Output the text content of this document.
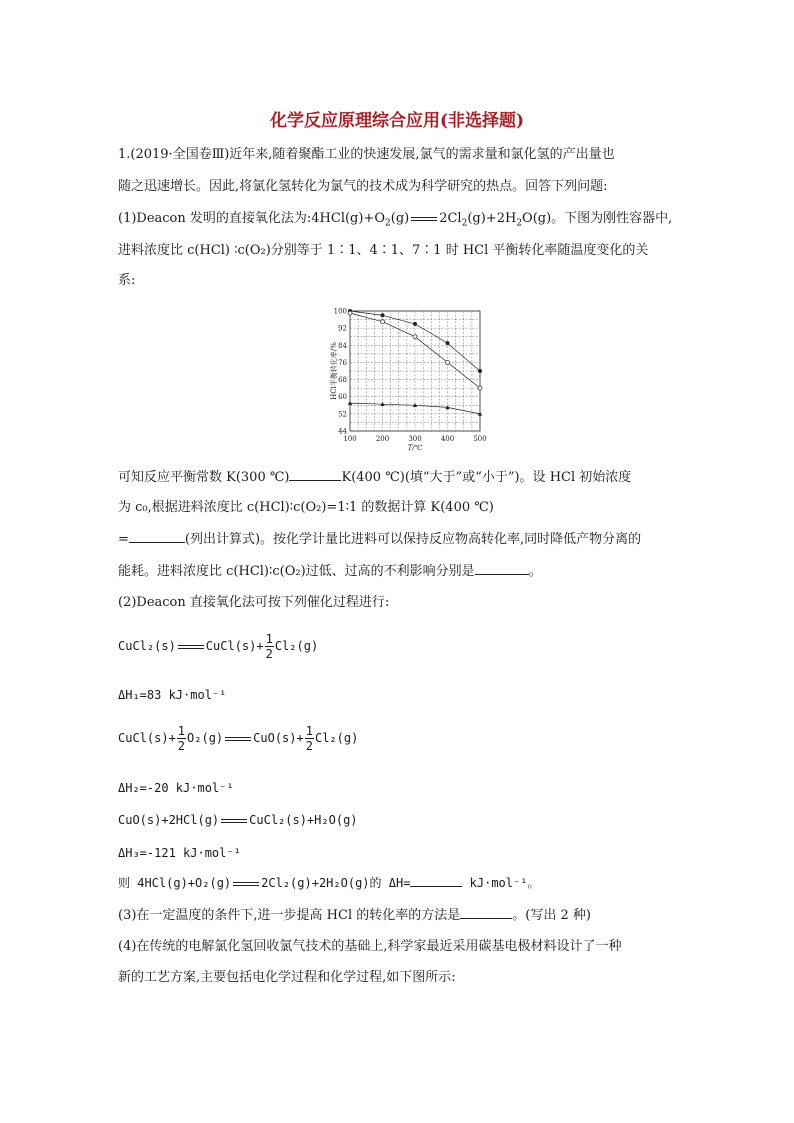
化学反应原理综合应用(非选择题)
1.(2019·全国卷Ⅲ)近年来,随着聚酯工业的快速发展,氯气的需求量和氯化氢的产出量也
随之迅速增长。因此,将氯化氢转化为氯气的技术成为科学研究的热点。回答下列问题:
(1)Deacon 发明的直接氧化法为$:4HCl(g)+O_2(g)$ $2Cl_2(g)+2H_2O(g)$。下图为刚性容器中,
进料浓度比 c(HCl) ∶c(O₂)分别等于 1∶1、4∶1、7∶1 时 HCl 平衡转化率随温度变化的关
系:
44
52
60
68
76
84
92
100
100	200	300	400	500
HCl平衡转化率/%
T/℃
可知反应平衡常数 K(300 ℃)	K(400 ℃)(填“大于”或“小于”)。设 HCl 初始浓度
为 c₀,根据进料浓度比 c(HCl)∶c(O₂)=1∶1 的数据计算 K(400 ℃)
=	(列出计算式)。按化学计量比进料可以保持反应物高转化率,同时降低产物分离的
能耗。进料浓度比 c(HCl)∶c(O₂)过低、过高的不利影响分别是	。
(2)Deacon 直接氧化法可按下列催化过程进行:
CuCl₂(s)	CuCl(s)+ $\frac{1}{2} Cl_2(g)$
ΔH₁=83 kJ·mol⁻¹
CuCl(s)+ $\frac{1}{2} O_2(g)$	$CuO(s)+ \frac{1}{2} Cl_2(g)$
ΔH₂=-20 kJ·mol⁻¹
CuO(s)+2HCl(g)	CuCl₂(s)+H₂O(g)
ΔH₃=-121 kJ·mol⁻¹
则 4HCl(g)+O₂(g)	2Cl₂(g)+2H₂O(g)的 ΔH=	kJ·mol⁻¹。
(3)在一定温度的条件下,进一步提高 HCl 的转化率的方法是	。(写出 2 种)
(4)在传统的电解氯化氢回收氯气技术的基础上,科学家最近采用碳基电极材料设计了一种
新的工艺方案,主要包括电化学过程和化学过程,如下图所示:
